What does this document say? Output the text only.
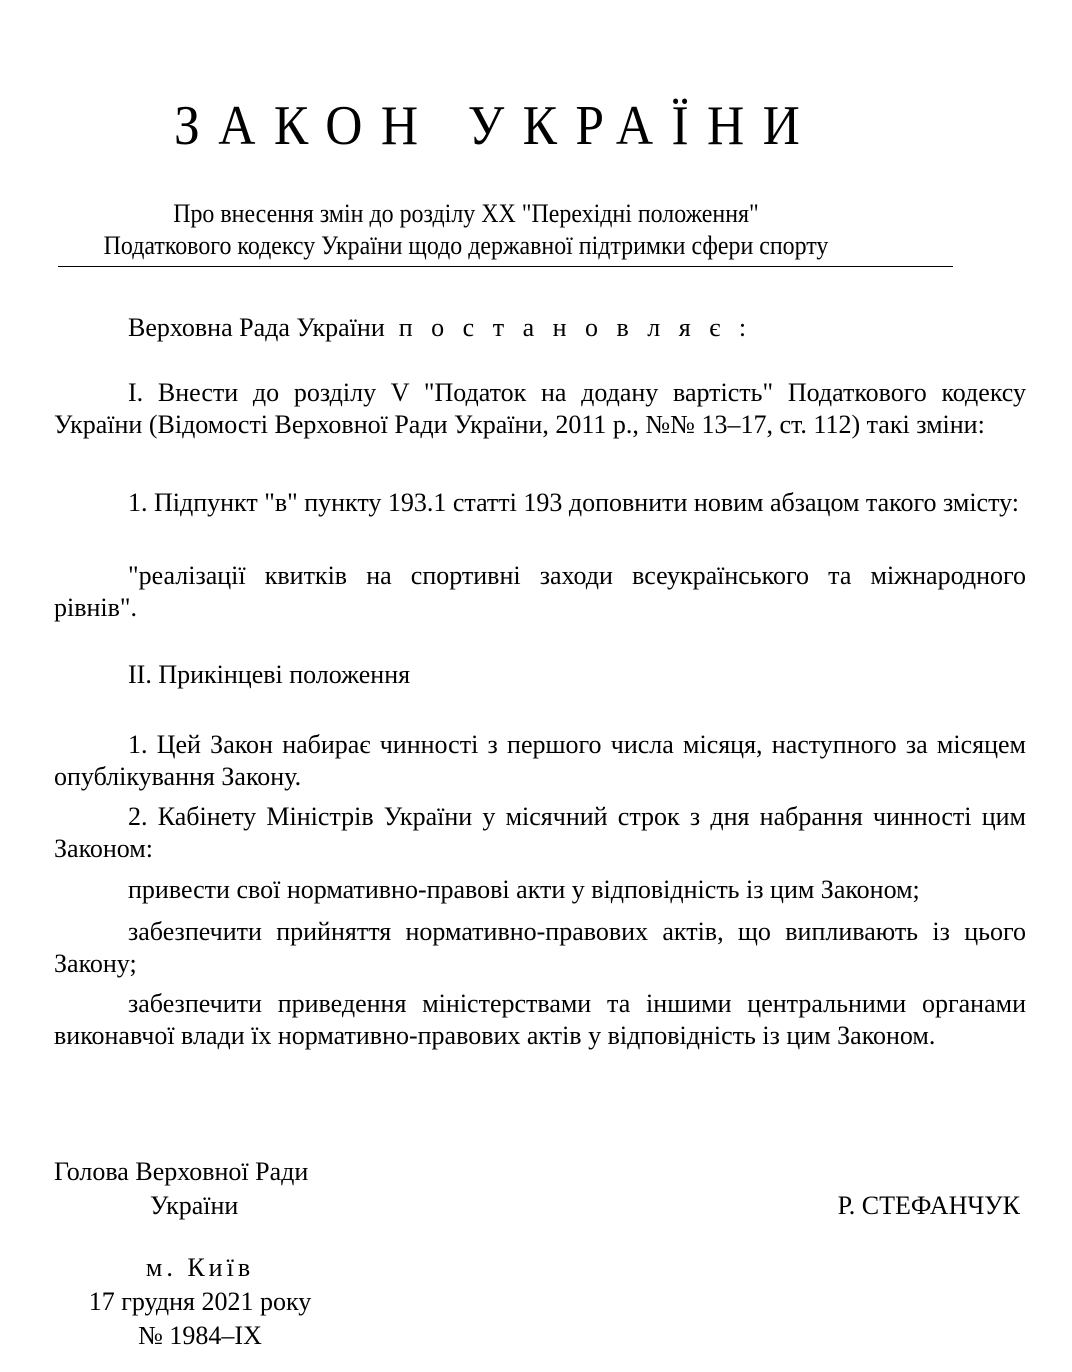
ЗАКОН УКРАЇНИ
Про внесення змін до розділу XX "Перехідні положення"
Податкового кодексу України щодо державної підтримки сфери спорту
Верховна Рада України п о с т а н о в л я є :

I. Внести до розділу V "Податок на додану вартість" Податкового кодексу України (Відомості Верховної Ради України, 2011 р., №№ 13–17, ст. 112) такі зміни:

1. Підпункт "в" пункту 193.1 статті 193 доповнити новим абзацом такого змісту:

"реалізації квитків на спортивні заходи всеукраїнського та міжнародного рівнів".

II. Прикінцеві положення

1. Цей Закон набирає чинності з першого числа місяця, наступного за місяцем опублікування Закону.

2. Кабінету Міністрів України у місячний строк з дня набрання чинності цим Законом:

привести свої нормативно-правові акти у відповідність із цим Законом;

забезпечити прийняття нормативно-правових актів, що випливають із цього Закону;

забезпечити приведення міністерствами та іншими центральними органами виконавчої влади їх нормативно-правових актів у відповідність із цим Законом.

Голова Верховної Ради
України	Р. СТЕФАНЧУК
м. Київ
17 грудня 2021 року
№ 1984–IX
